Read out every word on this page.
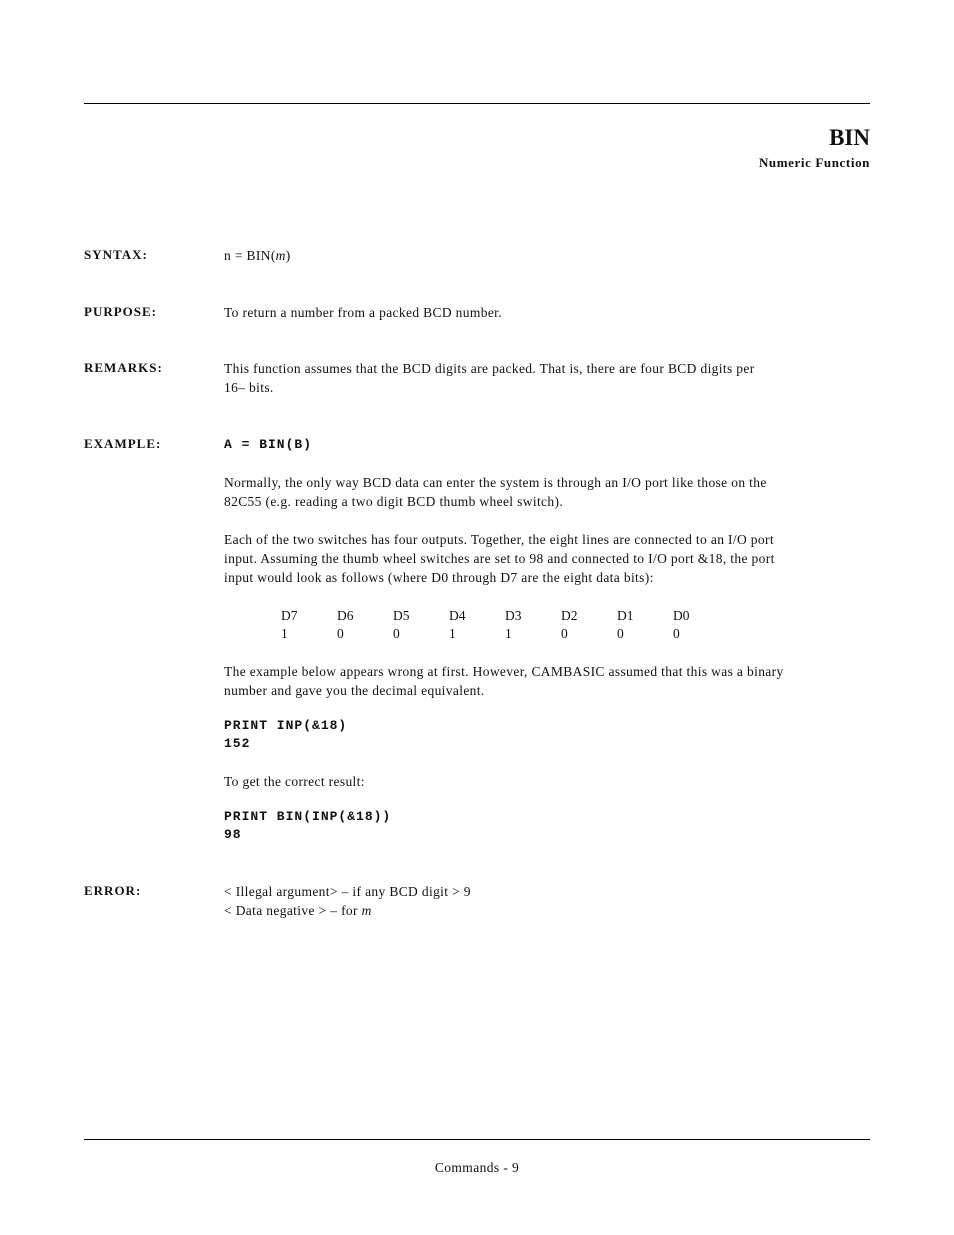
BIN
Numeric Function
SYNTAX:	n = BIN(m)
PURPOSE:	To return a number from a packed BCD number.
REMARKS:	This function assumes that the BCD digits are packed. That is, there are four BCD digits per

16– bits.

EXAMPLE:	A = BIN(B)

Normally, the only way BCD data can enter the system is through an I/O port like those on the

82C55 (e.g. reading a two digit BCD thumb wheel switch).

Each of the two switches has four outputs. Together, the eight lines are connected to an I/O port

input. Assuming the thumb wheel switches are set to 98 and connected to I/O port &18, the port

input would look as follows (where D0 through D7 are the eight data bits):

D7	D6	D5	D4	D3	D2	D1	D0
1	0	0	1	1	0	0	0

The example below appears wrong at first. However, CAMBASIC assumed that this was a binary

number and gave you the decimal equivalent.

PRINT INP(&18)

152

To get the correct result:

PRINT BIN(INP(&18))

98

ERROR:	< Illegal argument> – if any BCD digit > 9

< Data negative > – for m

Commands - 9
